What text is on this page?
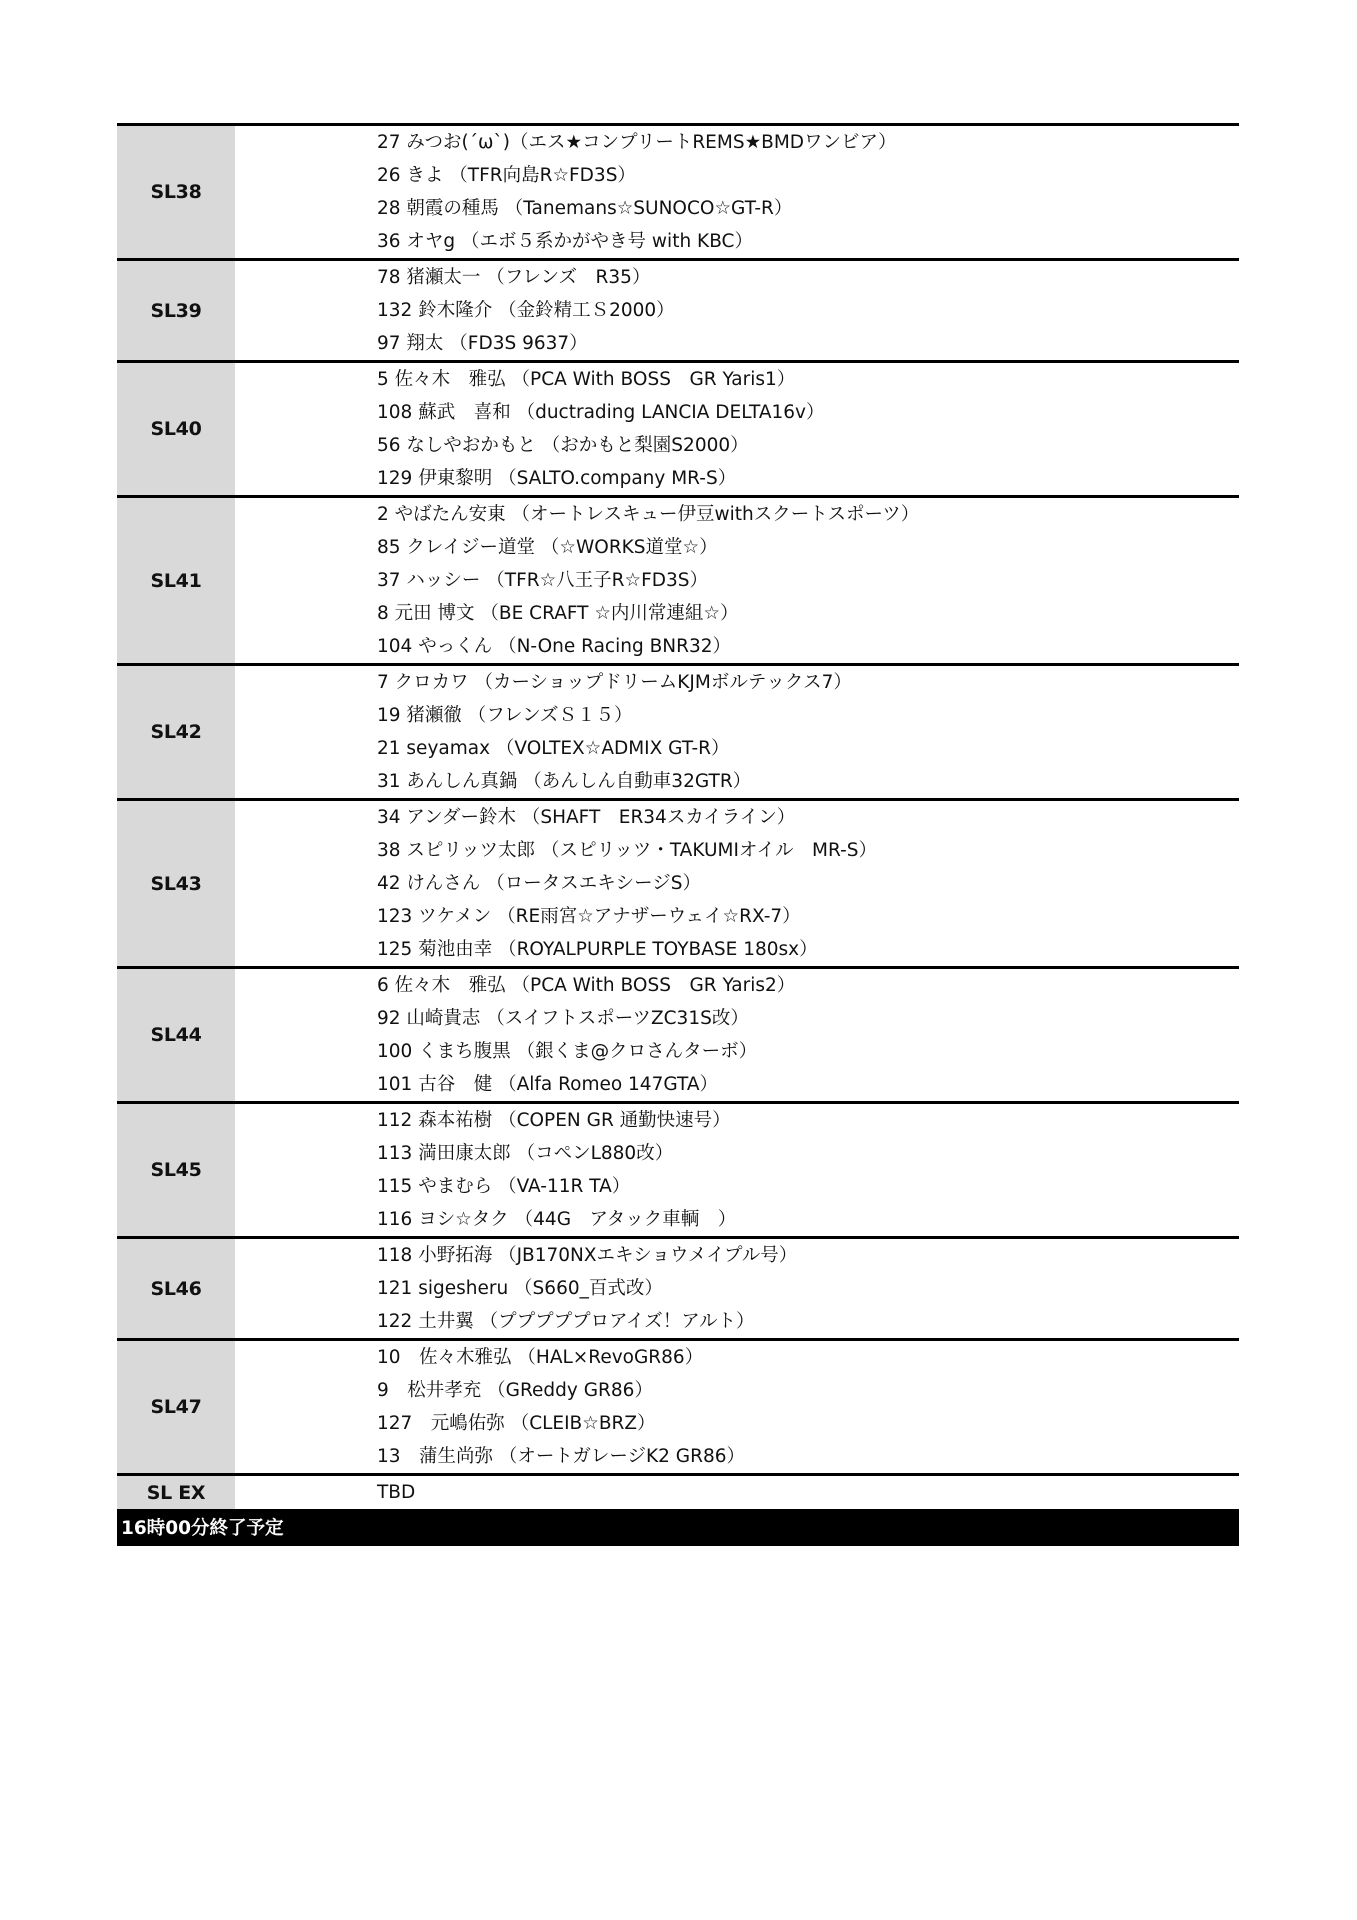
SL38
27 みつお(´ω`)（エス★コンプリートREMS★BMDワンビア）
26 きよ （TFR向島R☆FD3S）
28 朝霞の種馬 （Tanemans☆SUNOCO☆GT-R）
36 オヤg （エボ５系かがやき号 with KBC）
SL39
78 猪瀬太一 （フレンズ　R35）
132 鈴木隆介 （金鈴精工Ｓ2000）
97 翔太 （FD3S 9637）
SL40
5 佐々木　雅弘 （PCA With BOSS　GR Yaris1）
108 蘇武　喜和 （ductrading LANCIA DELTA16v）
56 なしやおかもと （おかもと梨園S2000）
129 伊東黎明 （SALTO.company MR-S）
SL41
2 やばたん安東 （オートレスキュー伊豆withスクートスポーツ）
85 クレイジー道堂 （☆WORKS道堂☆）
37 ハッシー （TFR☆八王子R☆FD3S）
8 元田 博文 （BE CRAFT ☆内川常連組☆）
104 やっくん （N-One Racing BNR32）
SL42
7 クロカワ （カーショップドリームKJMボルテックス7）
19 猪瀬徹 （フレンズＳ１５）
21 seyamax （VOLTEX☆ADMIX GT-R）
31 あんしん真鍋 （あんしん自動車32GTR）
SL43
34 アンダー鈴木 （SHAFT　ER34スカイライン）
38 スピリッツ太郎 （スピリッツ・TAKUMIオイル　MR-S）
42 けんさん （ロータスエキシージS）
123 ツケメン （RE雨宮☆アナザーウェイ☆RX-7）
125 菊池由幸 （ROYALPURPLE TOYBASE 180sx）
SL44
6 佐々木　雅弘 （PCA With BOSS　GR Yaris2）
92 山崎貴志 （スイフトスポーツZC31S改）
100 くまち腹黒 （銀くま@クロさんターボ）
101 古谷　健 （Alfa Romeo 147GTA）
SL45
112 森本祐樹 （COPEN GR 通勤快速号）
113 満田康太郎 （コペンL880改）
115 やまむら （VA-11R TA）
116 ヨシ☆タク （44G　アタック車輌　）
SL46
118 小野拓海 （JB170NXエキショウメイプル号）
121 sigesheru （S660_百式改）
122 土井翼 （プププププロアイズ！アルト）
SL47
10　佐々木雅弘 （HAL×RevoGR86）
9　松井孝充 （GReddy GR86）
127　元嶋佑弥 （CLEIB☆BRZ）
13　蒲生尚弥 （オートガレージK2 GR86）
SL EX	TBD
16時00分終了予定
